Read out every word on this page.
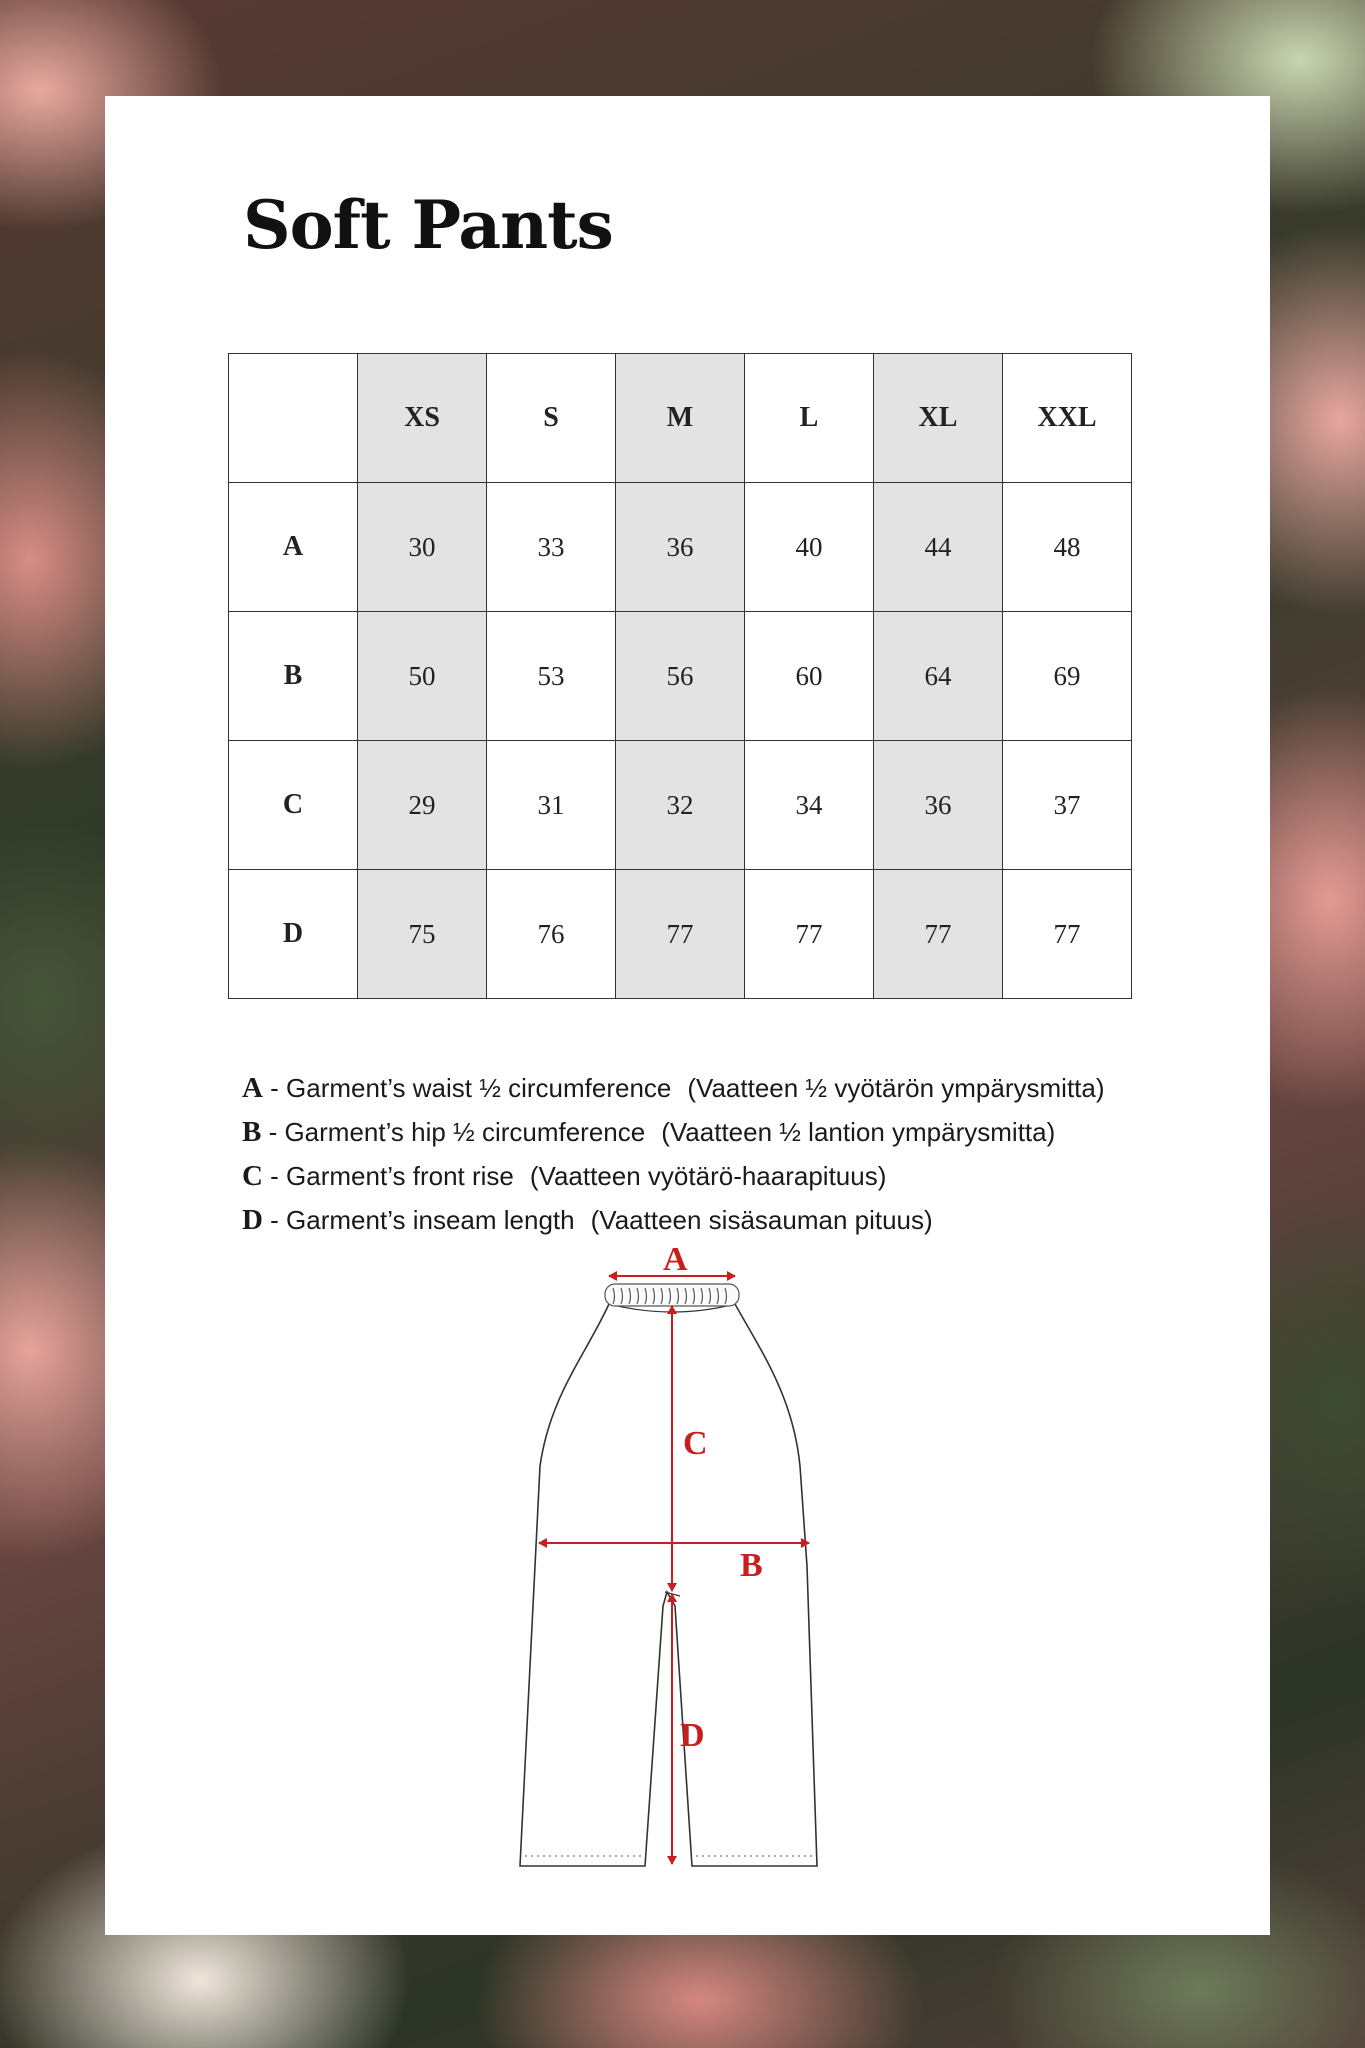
Soft Pants
	XS	S	M	L	XL	XXL
A	30	33	36	40	44	48
B	50	53	56	60	64	69
C	29	31	32	34	36	37
D	75	76	77	77	77	77
A - Garment’s waist ½ circumference (Vaatteen ½ vyötärön ympärysmitta)
B - Garment’s hip ½ circumference (Vaatteen ½ lantion ympärysmitta)
C - Garment’s front rise (Vaatteen vyötärö-haarapituus)
D - Garment’s inseam length (Vaatteen sisäsauman pituus)
A
C
B
D
